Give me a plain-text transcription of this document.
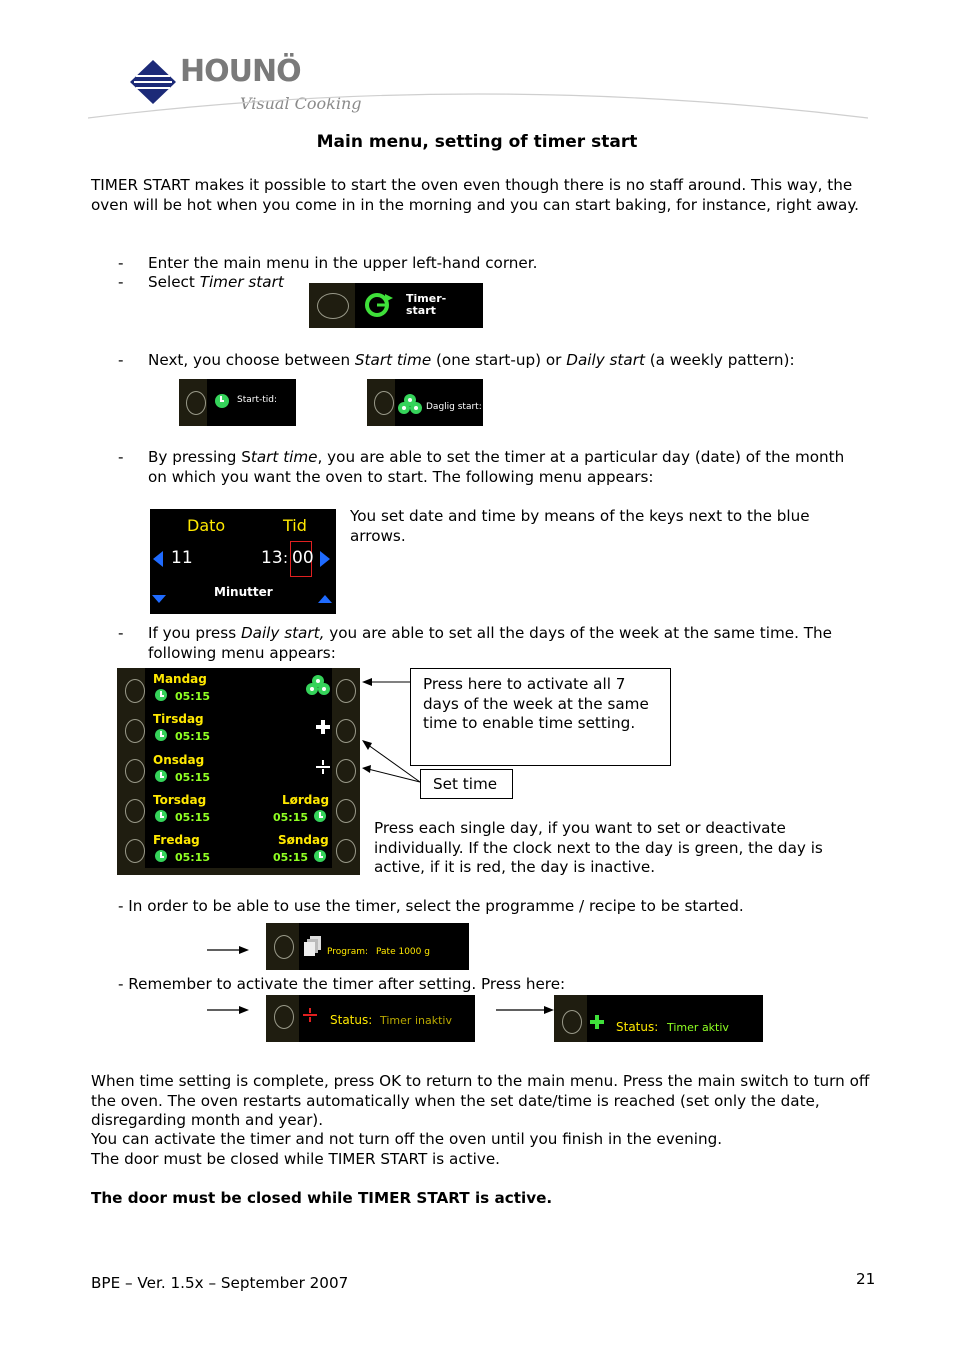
HOUNÖ
Visual Cooking
Main menu, setting of timer start
TIMER START makes it possible to start the oven even though there is no staff around. This way, the oven will be hot when you come in in the morning and you can start baking, for instance, right away.
- Enter the main menu in the upper left-hand corner.
- Select Timer start
Timer-
start
- Next, you choose between Start time (one start-up) or Daily start (a weekly pattern):
Start-tid:
Daglig start:
- By pressing Start time, you are able to set the timer at a particular day (date) of the month on which you want the oven to start. The following menu appears:
Dato	Tid
11	13 : 00
Minutter
You set date and time by means of the keys next to the blue arrows.
- If you press Daily start, you are able to set all the days of the week at the same time. The following menu appears:
Mandag
05:15
Tirsdag
05:15
Onsdag
05:15
Torsdag
05:15
Fredag
05:15
Lørdag
05:15
Søndag
05:15
Press here to activate all 7 days of the week at the same time to enable time setting.
Set time
Press each single day, if you want to set or deactivate individually. If the clock next to the day is green, the day is active, if it is red, the day is inactive.
- In order to be able to use the timer, select the programme / recipe to be started.
Program: Pate 1000 g
- Remember to activate the timer after setting. Press here:
Status: Timer inaktiv	Status: Timer aktiv
When time setting is complete, press OK to return to the main menu. Press the main switch to turn off the oven. The oven restarts automatically when the set date/time is reached (set only the date, disregarding month and year).
You can activate the timer and not turn off the oven until you finish in the evening.
The door must be closed while TIMER START is active.
The door must be closed while TIMER START is active.
BPE – Ver. 1.5x – September 2007	21
